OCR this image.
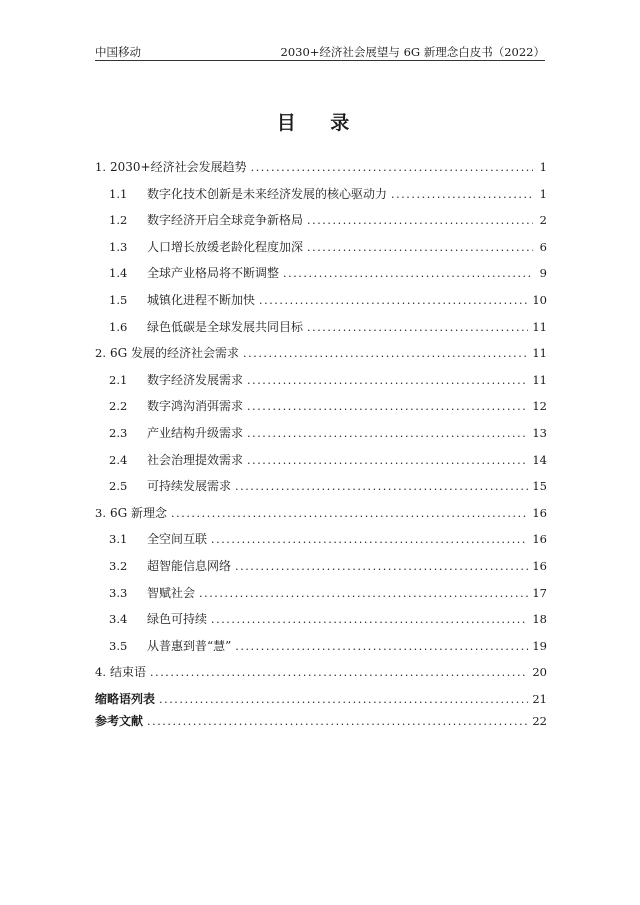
中国移动	2030+经济社会展望与 6G 新理念白皮书（2022）
目 录
1. 2030+经济社会发展趋势 .....	1
1.1	数字化技术创新是未来经济发展的核心驱动力 .....	1
1.2	数字经济开启全球竞争新格局 .....	2
1.3	人口增长放缓老龄化程度加深 .....	6
1.4	全球产业格局将不断调整 .....	9
1.5	城镇化进程不断加快 .....	10
1.6	绿色低碳是全球发展共同目标 .....	11
2. 6G 发展的经济社会需求 .....	11
2.1	数字经济发展需求 .....	11
2.2	数字鸿沟消弭需求 .....	12
2.3	产业结构升级需求 .....	13
2.4	社会治理提效需求 .....	14
2.5	可持续发展需求 .....	15
3. 6G 新理念 .....	16
3.1	全空间互联 .....	16
3.2	超智能信息网络 .....	16
3.3	智赋社会 .....	17
3.4	绿色可持续 .....	18
3.5	从普惠到普“慧” .....	19
4. 结束语 .....	20
缩略语列表 .....	21
参考文献 .....	22
